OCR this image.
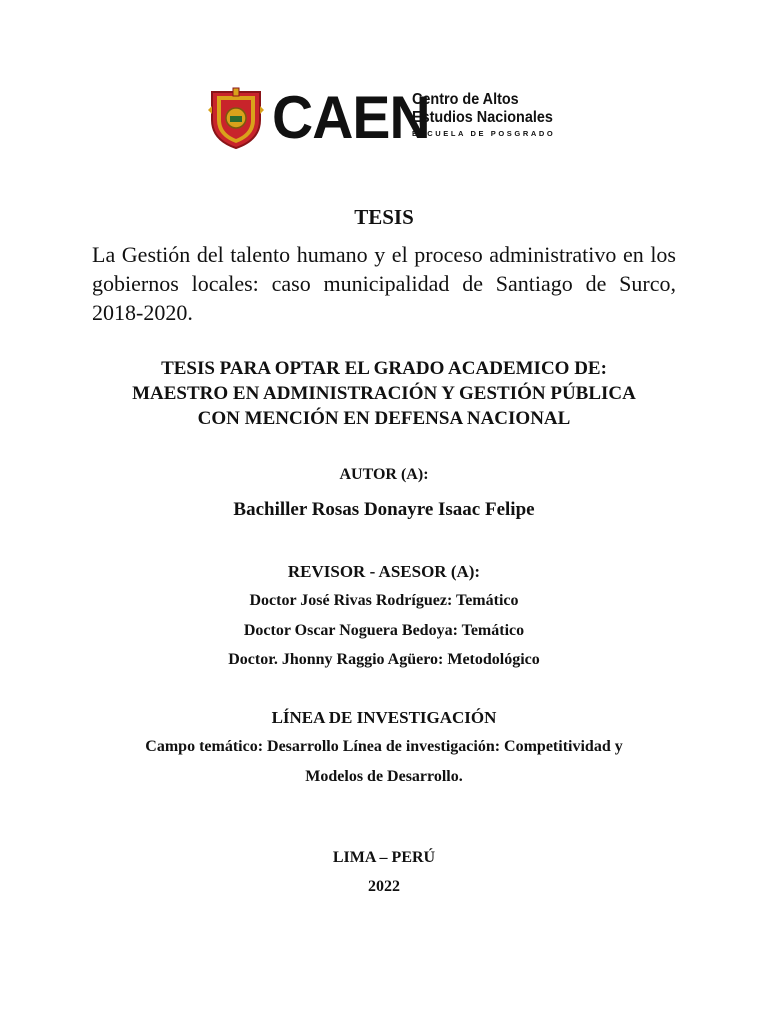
CAEN
Centro de Altos
Estudios Nacionales
ESCUELA DE POSGRADO
TESIS
La Gestión del talento humano y el proceso administrativo en los gobiernos locales: caso municipalidad de Santiago de Surco, 2018-2020.
TESIS PARA OPTAR EL GRADO ACADEMICO DE:
MAESTRO EN ADMINISTRACIÓN Y GESTIÓN PÚBLICA
CON MENCIÓN EN DEFENSA NACIONAL
AUTOR (A):
Bachiller Rosas Donayre Isaac Felipe
REVISOR - ASESOR (A):
Doctor José Rivas Rodríguez: Temático
Doctor Oscar Noguera Bedoya: Temático
Doctor. Jhonny Raggio Agüero: Metodológico
LÍNEA DE INVESTIGACIÓN
Campo temático: Desarrollo Línea de investigación: Competitividad y
Modelos de Desarrollo.
LIMA – PERÚ
2022
